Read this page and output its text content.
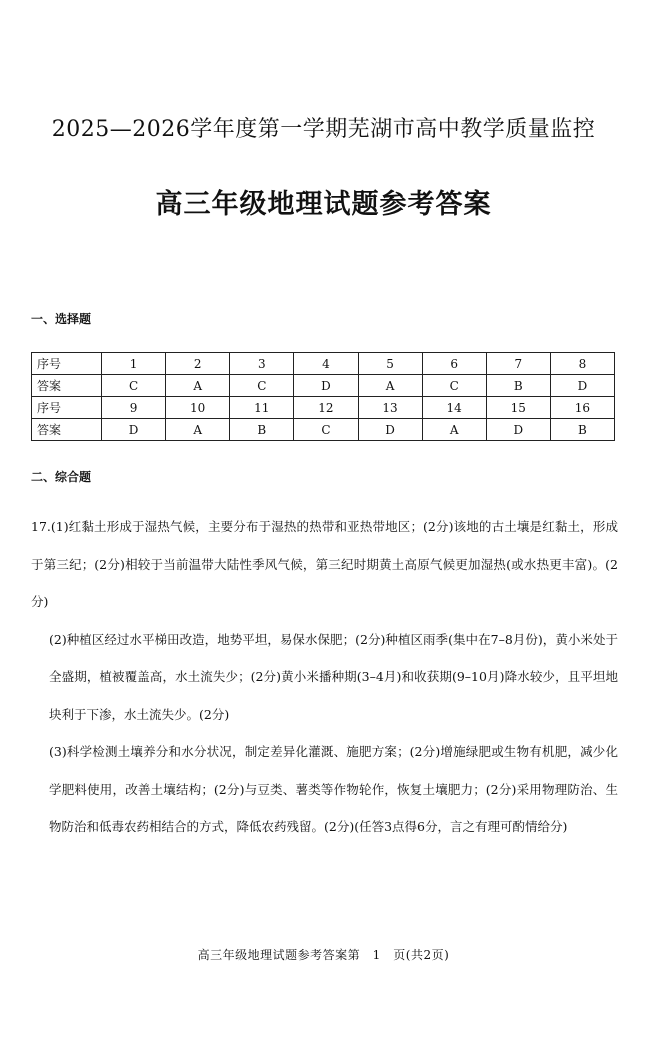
2025—2026学年度第一学期芜湖市高中教学质量监控
高三年级地理试题参考答案
一、选择题
序号	1	2	3	4	5	6	7	8
答案	C	A	C	D	A	C	B	D
序号	9	10	11	12	13	14	15	16
答案	D	A	B	C	D	A	D	B
二、综合题

17.(1)红黏土形成于湿热气候，主要分布于湿热的热带和亚热带地区；(2分)该地的古土壤是红黏土，形成于第三纪；(2分)相较于当前温带大陆性季风气候，第三纪时期黄土高原气候更加湿热(或水热更丰富)。(2分)

(2)种植区经过水平梯田改造，地势平坦，易保水保肥；(2分)种植区雨季(集中在7–8月份)，黄小米处于全盛期，植被覆盖高，水土流失少；(2分)黄小米播种期(3–4月)和收获期(9–10月)降水较少，且平坦地块利于下渗，水土流失少。(2分)

(3)科学检测土壤养分和水分状况，制定差异化灌溉、施肥方案；(2分)增施绿肥或生物有机肥，减少化学肥料使用，改善土壤结构；(2分)与豆类、薯类等作物轮作，恢复土壤肥力；(2分)采用物理防治、生物防治和低毒农药相结合的方式，降低农药残留。(2分)(任答3点得6分，言之有理可酌情给分)

高三年级地理试题参考答案第　1　页(共2页)
